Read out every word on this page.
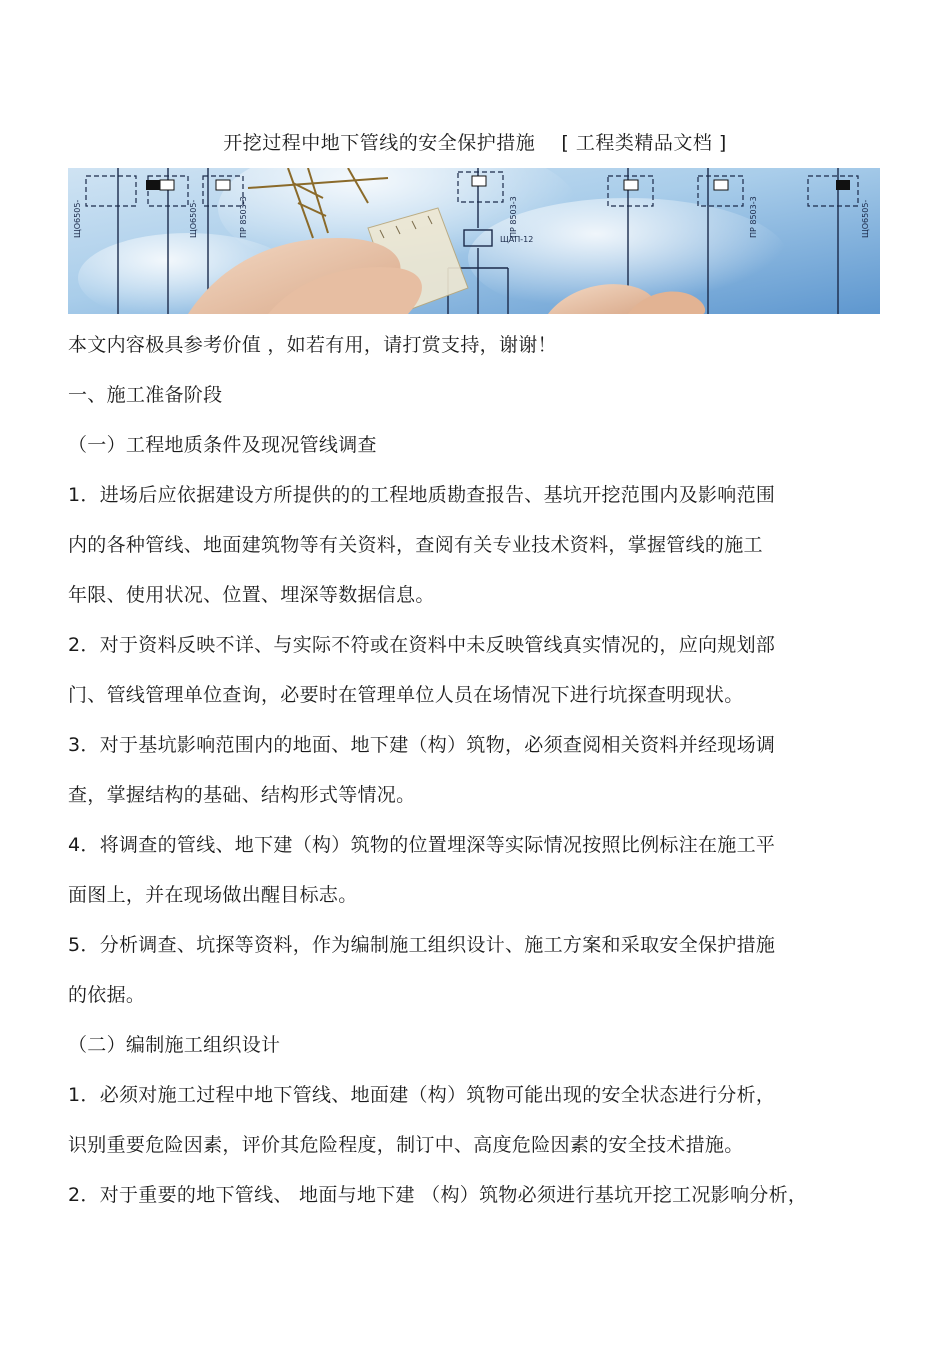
开挖过程中地下管线的安全保护措施 [ 工程类精品文档 ]
ЩО6505-	ЩО6505-	ПР 8503-3
ЩАП-12
ПР 8503-3	ПР 8503-3	ЩО6505-
本文内容极具参考价值 ，如若有用，请打赏支持，谢谢！
一、施工准备阶段
（一）工程地质条件及现况管线调查
1．进场后应依据建设方所提供的的工程地质勘查报告、基坑开挖范围内及影响范围
内的各种管线、地面建筑物等有关资料，查阅有关专业技术资料，掌握管线的施工
年限、使用状况、位置、埋深等数据信息。
2．对于资料反映不详、与实际不符或在资料中未反映管线真实情况的，应向规划部
门、管线管理单位查询，必要时在管理单位人员在场情况下进行坑探查明现状。
3．对于基坑影响范围内的地面、地下建（构）筑物，必须查阅相关资料并经现场调
查，掌握结构的基础、结构形式等情况。
4．将调查的管线、地下建（构）筑物的位置埋深等实际情况按照比例标注在施工平
面图上，并在现场做出醒目标志。
5．分析调查、坑探等资料，作为编制施工组织设计、施工方案和采取安全保护措施
的依据。
（二）编制施工组织设计
1．必须对施工过程中地下管线、地面建（构）筑物可能出现的安全状态进行分析，
识别重要危险因素，评价其危险程度，制订中、高度危险因素的安全技术措施。
2．对于重要的地下管线、 地面与地下建 （构）筑物必须进行基坑开挖工况影响分析，
